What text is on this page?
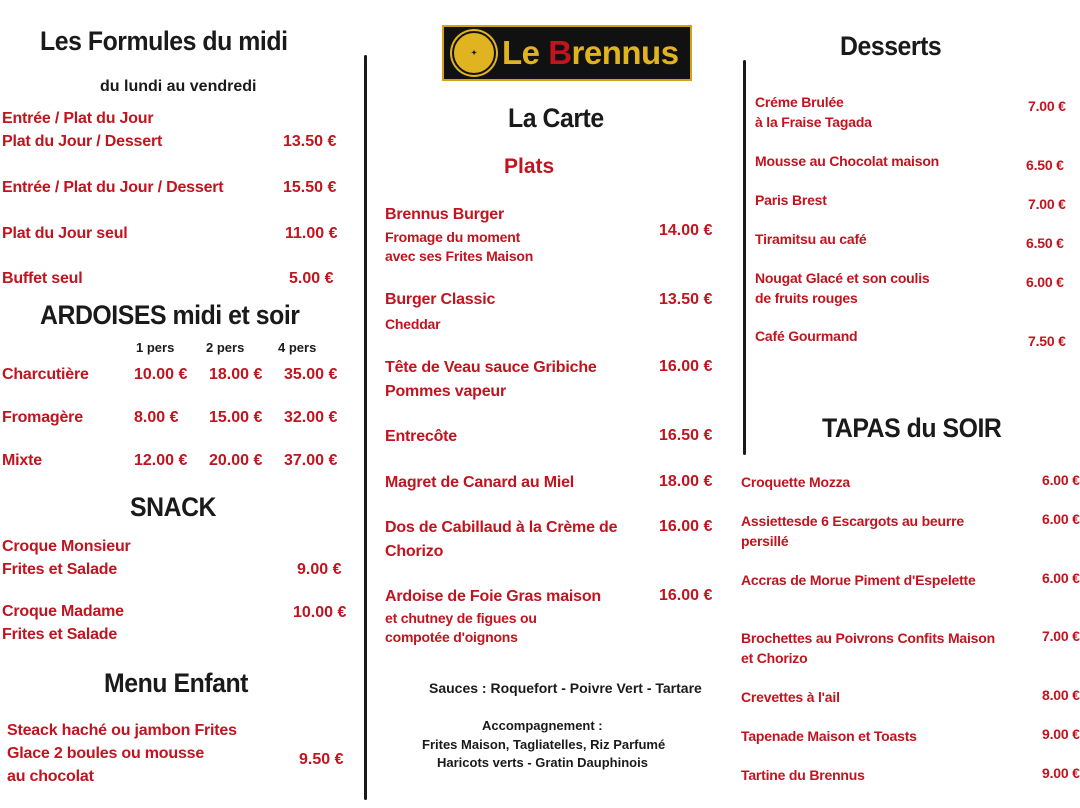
Les Formules du midi
du lundi au vendredi
Entrée / Plat du Jour
Plat du Jour / Dessert	13.50 €
Entrée / Plat du Jour / Dessert	15.50 €
Plat du Jour seul	11.00 €
Buffet seul	5.00 €
ARDOISES midi et soir
1 pers 2 pers	4 pers
Charcutière	10.00 € 18.00 € 35.00 €
Fromagère	8.00 € 15.00 € 32.00 €
Mixte	12.00 € 20.00 € 37.00 €
SNACK
Croque Monsieur
Frites et Salade	9.00 €
Croque Madame
Frites et Salade
10.00 €
Menu Enfant
Steack haché ou jambon Frites
Glace 2 boules ou mousse
au chocolat
9.50 €
✦ Le Brennus
La Carte
Plats
Brennus Burger
Fromage du moment
avec ses Frites Maison
14.00 €
Burger Classic
Cheddar
13.50 €
Tête de Veau sauce Gribiche
Pommes vapeur
16.00 €
Entrecôte	16.50 €
Magret de Canard au Miel	18.00 €
Dos de Cabillaud à la Crème de
Chorizo
16.00 €
Ardoise de Foie Gras maison
et chutney de figues ou
compotée d'oignons
16.00 €
Sauces : Roquefort - Poivre Vert - Tartare
Accompagnement :
Frites Maison, Tagliatelles, Riz Parfumé
Haricots verts - Gratin Dauphinois
Desserts
Créme Brulée
à la Fraise Tagada
7.00 €
Mousse au Chocolat maison	6.50 €
Paris Brest	7.00 €
Tiramitsu au café	6.50 €
Nougat Glacé et son coulis
de fruits rouges
6.00 €
Café Gourmand	7.50 €
TAPAS du SOIR
Croquette Mozza	6.00 €
Assiettesde 6 Escargots au beurre
persillé
6.00 €
Accras de Morue Piment d'Espelette	6.00 €
Brochettes au Poivrons Confits Maison
et Chorizo
7.00 €
Crevettes à l'ail	8.00 €
Tapenade Maison et Toasts	9.00 €
Tartine du Brennus	9.00 €
